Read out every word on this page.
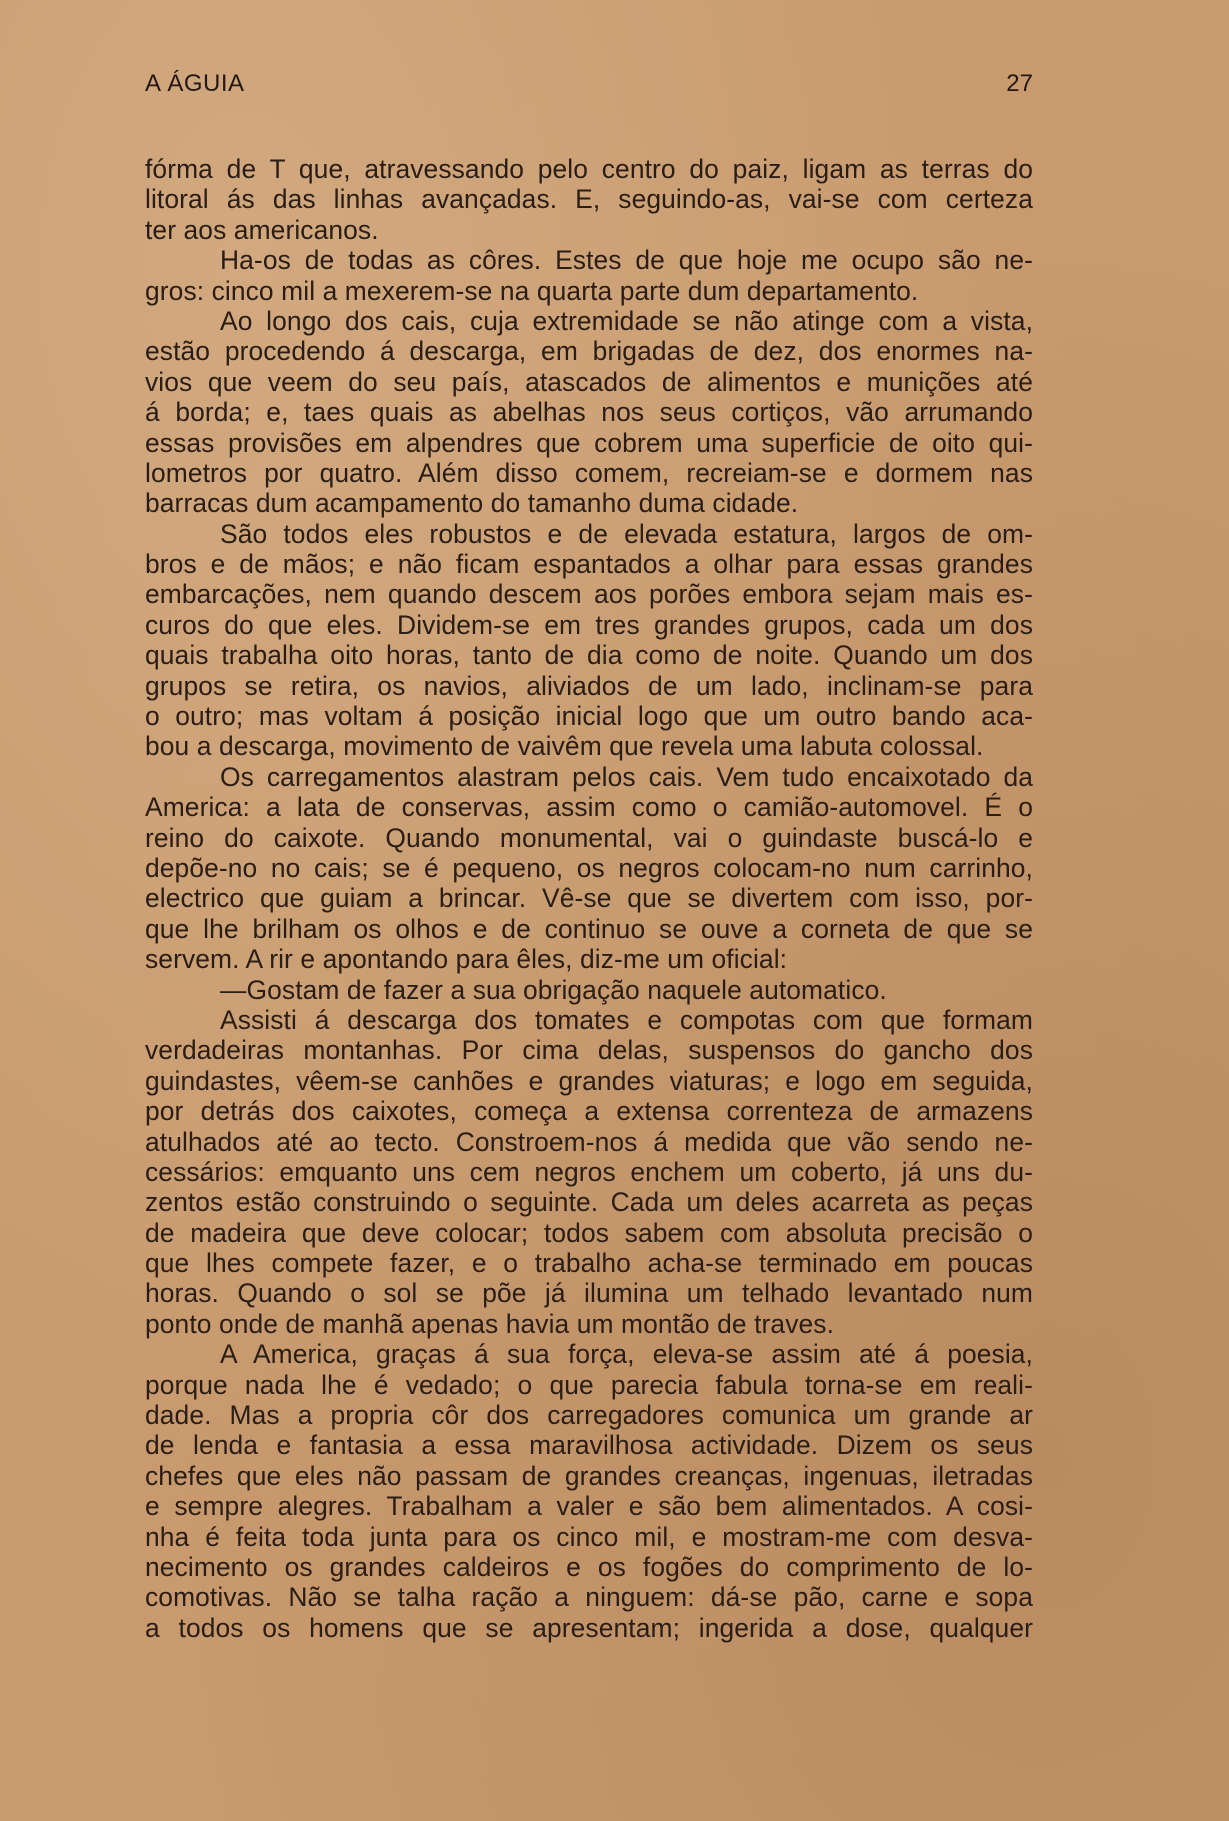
A ÁGUIA	27
fórma de T que, atravessando pelo centro do paiz, ligam as terras do
litoral ás das linhas avançadas. E, seguindo-as, vai-se com certeza
ter aos americanos.
Ha-os de todas as côres. Estes de que hoje me ocupo são ne-
gros: cinco mil a mexerem-se na quarta parte dum departamento.
Ao longo dos cais, cuja extremidade se não atinge com a vista,
estão procedendo á descarga, em brigadas de dez, dos enormes na-
vios que veem do seu país, atascados de alimentos e munições até
á borda; e, taes quais as abelhas nos seus cortiços, vão arrumando
essas provisões em alpendres que cobrem uma superficie de oito qui-
lometros por quatro. Além disso comem, recreiam-se e dormem nas
barracas dum acampamento do tamanho duma cidade.
São todos eles robustos e de elevada estatura, largos de om-
bros e de mãos; e não ficam espantados a olhar para essas grandes
embarcações, nem quando descem aos porões embora sejam mais es-
curos do que eles. Dividem-se em tres grandes grupos, cada um dos
quais trabalha oito horas, tanto de dia como de noite. Quando um dos
grupos se retira, os navios, aliviados de um lado, inclinam-se para
o outro; mas voltam á posição inicial logo que um outro bando aca-
bou a descarga, movimento de vaivêm que revela uma labuta colossal.
Os carregamentos alastram pelos cais. Vem tudo encaixotado da
America: a lata de conservas, assim como o camião-automovel. É o
reino do caixote. Quando monumental, vai o guindaste buscá-lo e
depõe-no no cais; se é pequeno, os negros colocam-no num carrinho,
electrico que guiam a brincar. Vê-se que se divertem com isso, por-
que lhe brilham os olhos e de continuo se ouve a corneta de que se
servem. A rir e apontando para êles, diz-me um oficial:
—Gostam de fazer a sua obrigação naquele automatico.
Assisti á descarga dos tomates e compotas com que formam
verdadeiras montanhas. Por cima delas, suspensos do gancho dos
guindastes, vêem-se canhões e grandes viaturas; e logo em seguida,
por detrás dos caixotes, começa a extensa correnteza de armazens
atulhados até ao tecto. Constroem-nos á medida que vão sendo ne-
cessários: emquanto uns cem negros enchem um coberto, já uns du-
zentos estão construindo o seguinte. Cada um deles acarreta as peças
de madeira que deve colocar; todos sabem com absoluta precisão o
que lhes compete fazer, e o trabalho acha-se terminado em poucas
horas. Quando o sol se põe já ilumina um telhado levantado num
ponto onde de manhã apenas havia um montão de traves.
A America, graças á sua força, eleva-se assim até á poesia,
porque nada lhe é vedado; o que parecia fabula torna-se em reali-
dade. Mas a propria côr dos carregadores comunica um grande ar
de lenda e fantasia a essa maravilhosa actividade. Dizem os seus
chefes que eles não passam de grandes creanças, ingenuas, iletradas
e sempre alegres. Trabalham a valer e são bem alimentados. A cosi-
nha é feita toda junta para os cinco mil, e mostram-me com desva-
necimento os grandes caldeiros e os fogões do comprimento de lo-
comotivas. Não se talha ração a ninguem: dá-se pão, carne e sopa
a todos os homens que se apresentam; ingerida a dose, qualquer
